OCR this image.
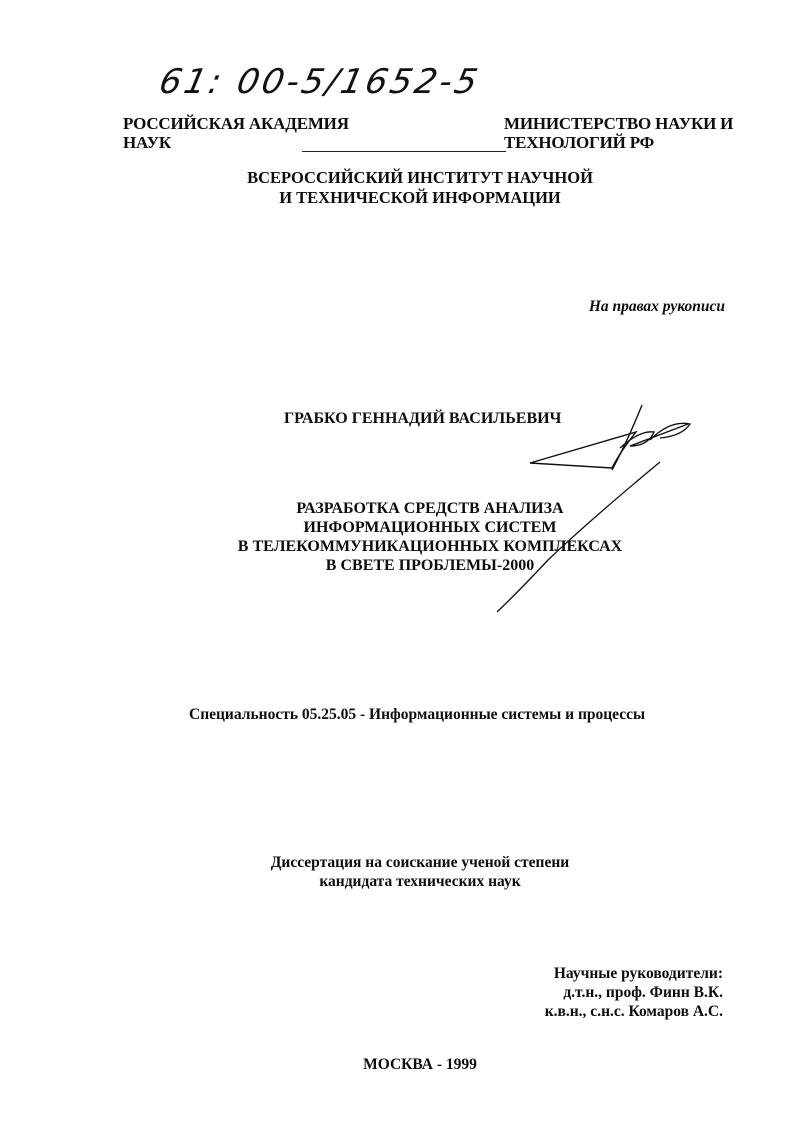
61: 00-5/1652-5
РОССИЙСКАЯ АКАДЕМИЯ
НАУК
МИНИСТЕРСТВО НАУКИ И
ТЕХНОЛОГИЙ РФ
ВСЕРОССИЙСКИЙ ИНСТИТУТ НАУЧНОЙ
И ТЕХНИЧЕСКОЙ ИНФОРМАЦИИ
На правах рукописи
ГРАБКО ГЕННАДИЙ ВАСИЛЬЕВИЧ
РАЗРАБОТКА СРЕДСТВ АНАЛИЗА
ИНФОРМАЦИОННЫХ СИСТЕМ
В ТЕЛЕКОММУНИКАЦИОННЫХ КОМПЛЕКСАХ
В СВЕТЕ ПРОБЛЕМЫ-2000
Специальность 05.25.05 - Информационные системы и процессы
Диссертация на соискание ученой степени
кандидата технических наук
Научные руководители:
д.т.н., проф. Финн В.К.
к.в.н., с.н.с. Комаров А.С.
МОСКВА - 1999
